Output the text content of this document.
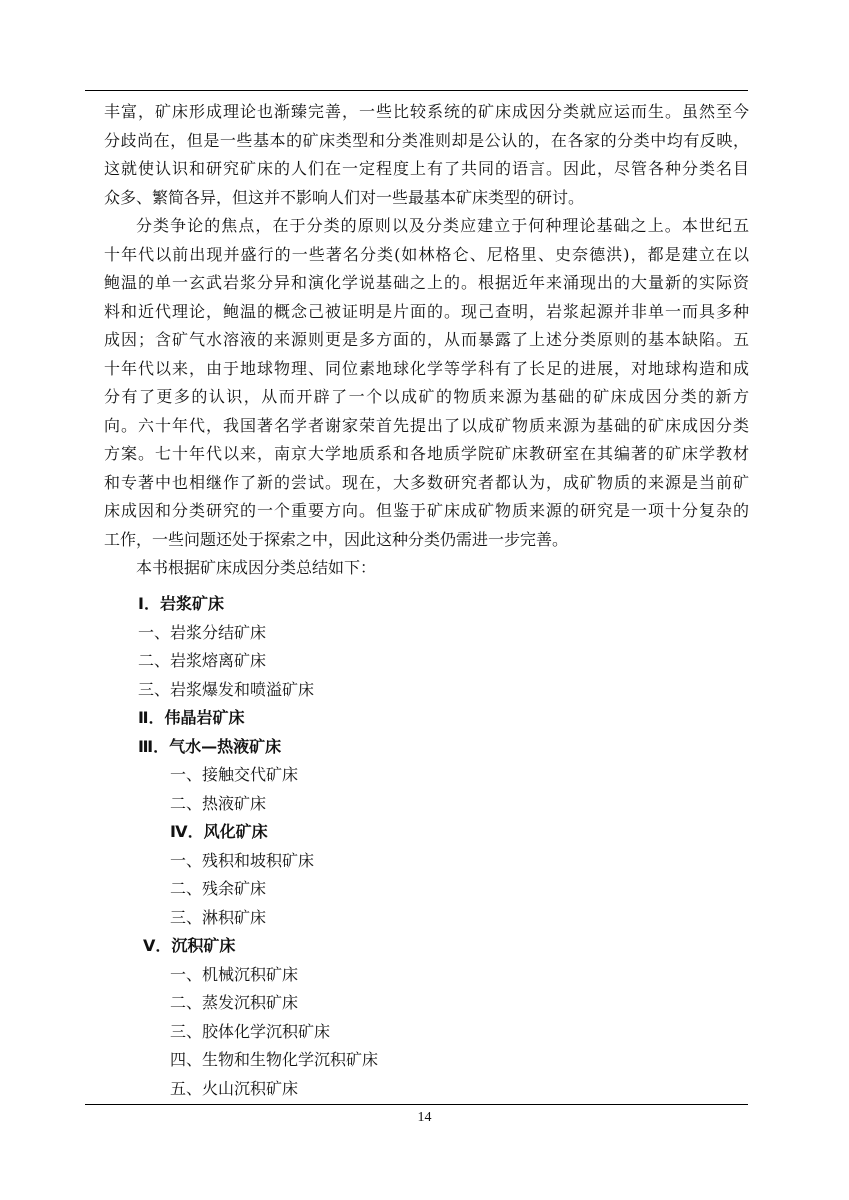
丰富，矿床形成理论也渐臻完善，一些比较系统的矿床成因分类就应运而生。虽然至今
分歧尚在，但是一些基本的矿床类型和分类准则却是公认的，在各家的分类中均有反映，
这就使认识和研究矿床的人们在一定程度上有了共同的语言。因此，尽管各种分类名目
众多、繁简各异，但这并不影响人们对一些最基本矿床类型的研讨。
分类争论的焦点，在于分类的原则以及分类应建立于何种理论基础之上。本世纪五
十年代以前出现并盛行的一些著名分类(如林格仑、尼格里、史奈德洪)，都是建立在以
鲍温的单一玄武岩浆分异和演化学说基础之上的。根据近年来涌现出的大量新的实际资
料和近代理论，鲍温的概念己被证明是片面的。现己查明，岩浆起源并非单一而具多种
成因；含矿气水溶液的来源则更是多方面的，从而暴露了上述分类原则的基本缺陷。五
十年代以来，由于地球物理、同位素地球化学等学科有了长足的进展，对地球构造和成
分有了更多的认识，从而开辟了一个以成矿的物质来源为基础的矿床成因分类的新方
向。六十年代，我国著名学者谢家荣首先提出了以成矿物质来源为基础的矿床成因分类
方案。七十年代以来，南京大学地质系和各地质学院矿床教研室在其编著的矿床学教材
和专著中也相继作了新的尝试。现在，大多数研究者都认为，成矿物质的来源是当前矿
床成因和分类研究的一个重要方向。但鉴于矿床成矿物质来源的研究是一项十分复杂的
工作，一些问题还处于探索之中，因此这种分类仍需进一步完善。

本书根据矿床成因分类总结如下：

Ⅰ．岩浆矿床
一、岩浆分结矿床
二、岩浆熔离矿床
三、岩浆爆发和喷溢矿床
Ⅱ．伟晶岩矿床
Ⅲ．气水—热液矿床
一、接触交代矿床
二、热液矿床
Ⅳ．风化矿床
一、残积和坡积矿床
二、残余矿床
三、淋积矿床
Ⅴ．沉积矿床
一、机械沉积矿床
二、蒸发沉积矿床
三、胶体化学沉积矿床
四、生物和生物化学沉积矿床
五、火山沉积矿床
14
